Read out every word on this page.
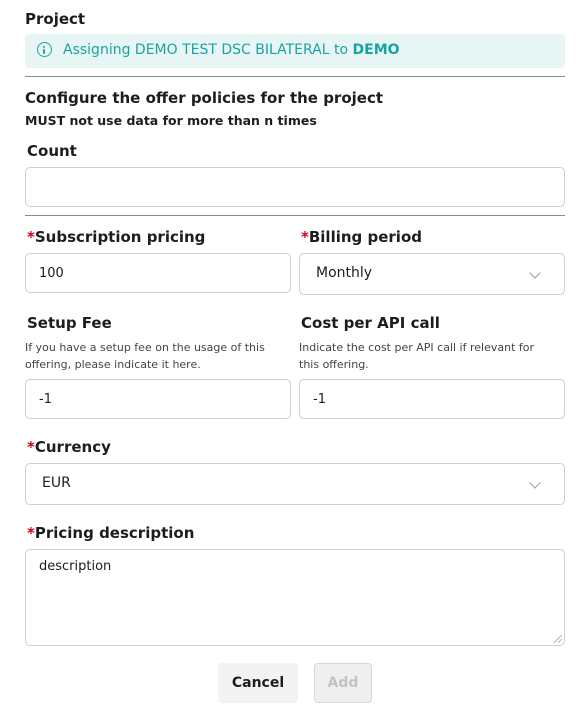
Project
Assigning DEMO TEST DSC BILATERAL to DEMO
Configure the offer policies for the project
MUST not use data for more than n times
Count
*Subscription pricing
100	*Billing period
Monthly
Setup Fee
If you have a setup fee on the usage of this
offering, please indicate it here.
-1
Cost per API call
Indicate the cost per API call if relevant for
this offering.
-1
*Currency
EUR
*Pricing description
description
Cancel	Add
